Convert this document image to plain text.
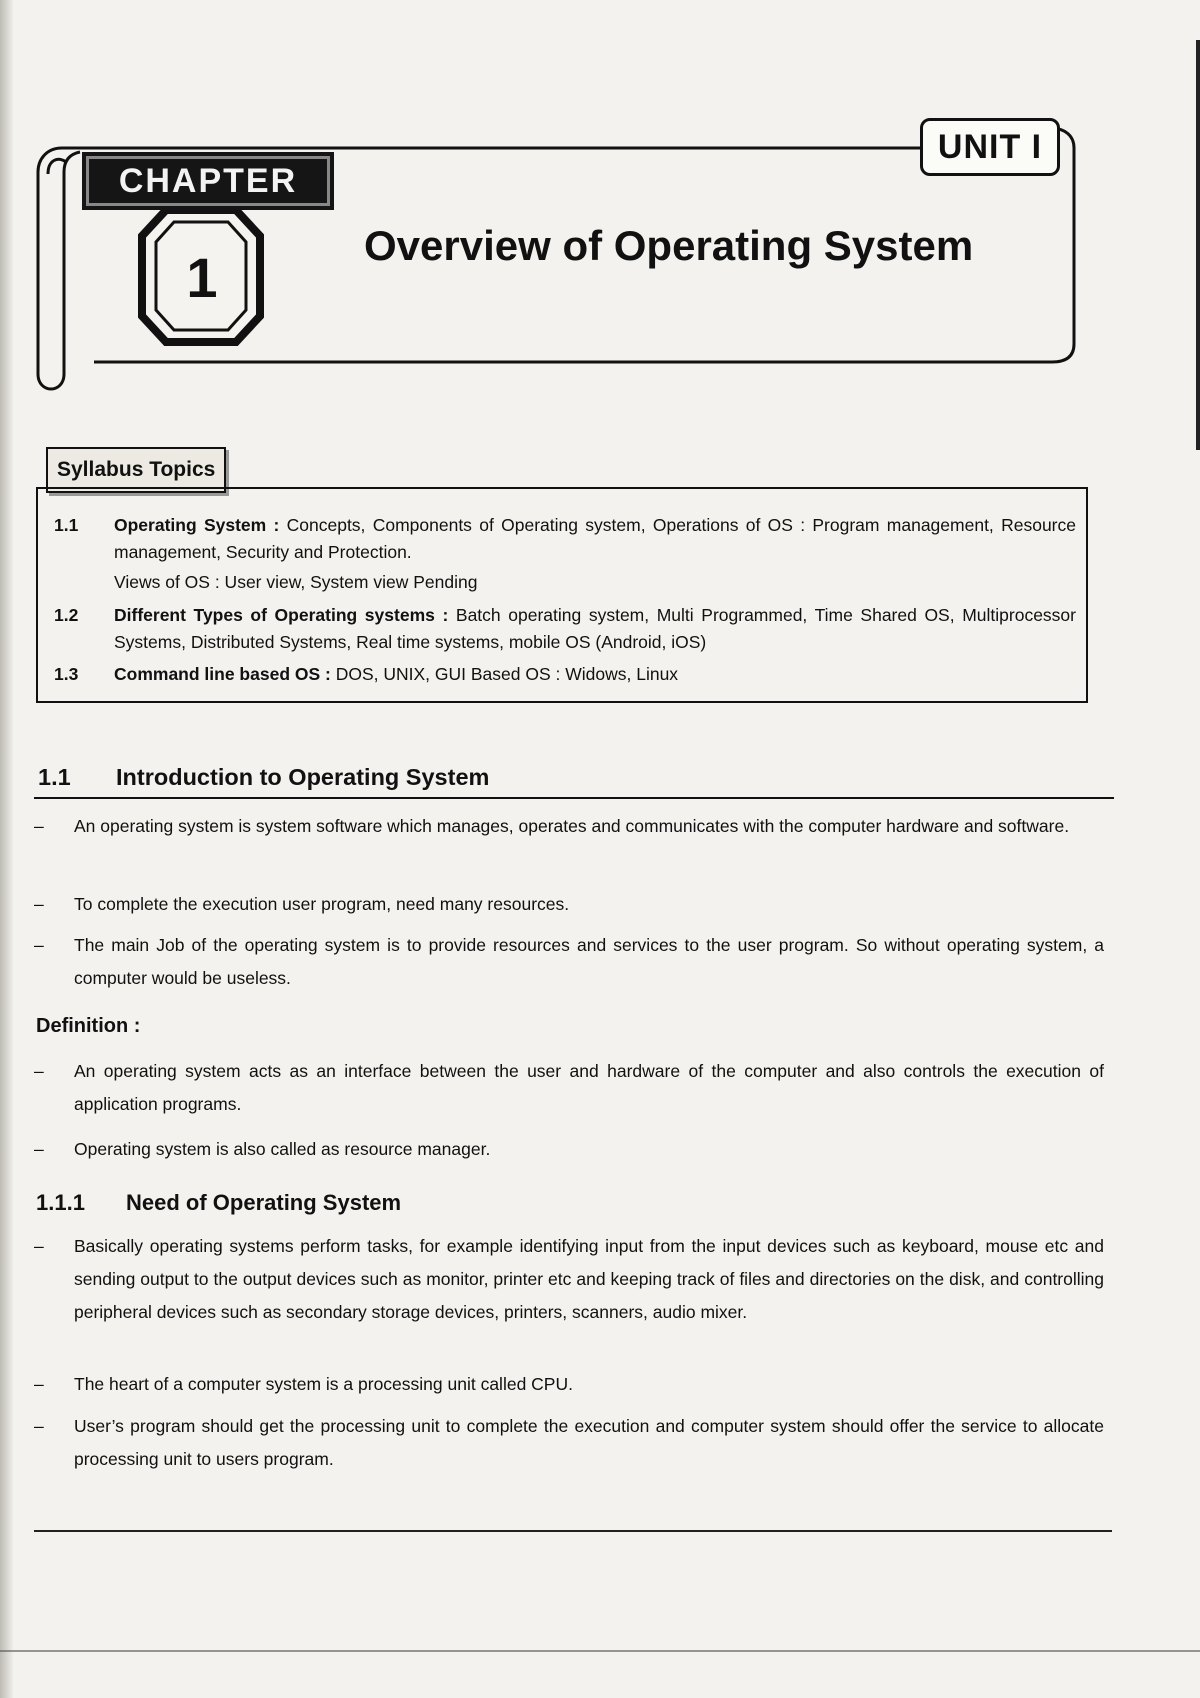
UNIT I
CHAPTER
1	Overview of Operating System
Syllabus Topics
1.1	Operating System : Concepts, Components of Operating system, Operations of OS : Program management, Resource management, Security and Protection.
Views of OS : User view, System view Pending
1.2	Different Types of Operating systems : Batch operating system, Multi Programmed, Time Shared OS, Multiprocessor Systems, Distributed Systems, Real time systems, mobile OS (Android, iOS)
1.3	Command line based OS : DOS, UNIX, GUI Based OS : Widows, Linux
1.1 Introduction to Operating System
– An operating system is system software which manages, operates and communicates with the computer hardware and software.
– To complete the execution user program, need many resources.
– The main Job of the operating system is to provide resources and services to the user program. So without operating system, a computer would be useless.
Definition :
– An operating system acts as an interface between the user and hardware of the computer and also controls the execution of application programs.
– Operating system is also called as resource manager.
1.1.1 Need of Operating System
– Basically operating systems perform tasks, for example identifying input from the input devices such as keyboard, mouse etc and sending output to the output devices such as monitor, printer etc and keeping track of files and directories on the disk, and controlling peripheral devices such as secondary storage devices, printers, scanners, audio mixer.
– The heart of a computer system is a processing unit called CPU.
– User’s program should get the processing unit to complete the execution and computer system should offer the service to allocate processing unit to users program.
